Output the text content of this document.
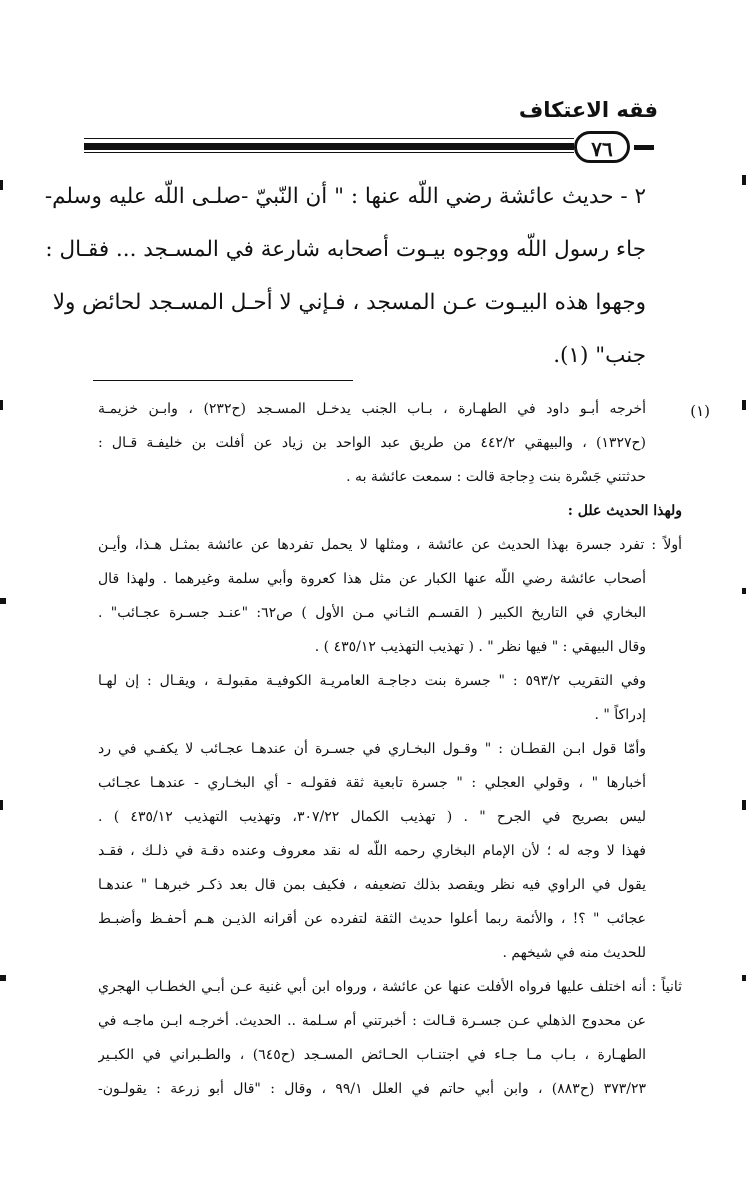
فقه الاعتكاف
٧٦
٢ - حديث عائشة رضي اللّه عنها : " أن النّبيّ -صلـى اللّه عليه وسلم-
جاء رسول اللّه ووجوه بيـوت أصحابه شارعة في المسـجد ... فقـال :
وجهوا هذه البيـوت عـن المسجد ، فـإني لا أحـل المسـجد لحائض ولا
جنب" (١).
(١)
أخرجه أبـو داود في الطهـارة ، بـاب الجنب يدخـل المسـجد (ح٢٣٢) ، وابـن خزيمـة
(ح١٣٢٧) ، والبيهقي ٤٤٢/٢ من طريق عبد الواحد بن زياد عن أفلت بن خليفـة قـال :
حدثتني جَسْرة بنت دِجاجة قالت : سمعت عائشة به .
ولهذا الحديث علل :
أولاً : تفرد جسرة بهذا الحديث عن عائشة ، ومثلها لا يحمل تفردها عن عائشة بمثـل هـذا، وأيـن
أصحاب عائشة رضي اللّه عنها الكبار عن مثل هذا كعروة وأبي سلمة وغيرهما . ولهذا قال
البخاري في التاريخ الكبير ( القسـم الثـاني مـن الأول ) ص٦٢: "عنـد جسـرة عجـائب" .
وقال البيهقي : " فيها نظر " . ( تهذيب التهذيب ٤٣٥/١٢ ) .
وفي التقريب ٥٩٣/٢ : " جسرة بنت دجاجـة العامريـة الكوفيـة مقبولـة ، ويقـال : إن لهـا
إدراكاً " .
وأمّا قول ابـن القطـان : " وقـول البخـاري في جسـرة أن عندهـا عجـائب لا يكفـي في رد
أخبارها " ، وقولي العجلي : " جسرة تابعية ثقة فقولـه - أي البخـاري - عندهـا عجـائب
ليس بصريح في الجرح " . ( تهذيب الكمال ٣٠٧/٢٢، وتهذيب التهذيب ٤٣٥/١٢ ) .
فهذا لا وجه له ؛ لأن الإمام البخاري رحمه اللّه له نقد معروف وعنده دقـة في ذلـك ، فقـد
يقول في الراوي فيه نظر ويقصد بذلك تضعيفه ، فكيف بمن قال بعد ذكـر خبرهـا " عندهـا
عجائب " ؟! ، والأئمة ربما أعلوا حديث الثقة لتفرده عن أقرانه الذيـن هـم أحفـظ وأضبـط
للحديث منه في شيخهم .
ثانياً : أنه اختلف عليها فرواه الأفلت عنها عن عائشة ، ورواه ابن أبي غنية عـن أبـي الخطـاب الهجري
عن محدوج الذهلي عـن جسـرة قـالت : أخبرتني أم سـلمة .. الحديث. أخرجـه ابـن ماجـه في
الطهـارة ، بـاب مـا جـاء في اجتنـاب الحـائض المسـجد (ح٦٤٥) ، والطـبراني في الكبـير
٣٧٣/٢٣ (ح٨٨٣) ، وابن أبي حاتم في العلل ٩٩/١ ، وقال : "قال أبو زرعة : يقولـون-
